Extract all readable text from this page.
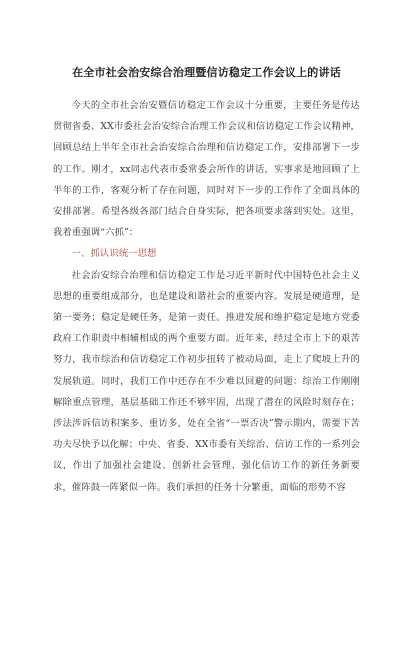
在全市社会治安综合治理暨信访稳定工作会议上的讲话

今天的全市社会治安暨信访稳定工作会议十分重要，主要任务是传达贯彻省委、XX市委社会治安综合治理工作会议和信访稳定工作会议精神，回顾总结上半年全市社会治安综合治理和信访稳定工作，安排部署下一步的工作。刚才，xx同志代表市委常委会所作的讲话，实事求是地回顾了上半年的工作，客观分析了存在问题，同时对下一步的工作作了全面具体的安排部署。希望各级各部门结合自身实际，把各项要求落到实处。这里，我着重强调“六抓”：

一、抓认识统一思想

社会治安综合治理和信访稳定工作是习近平新时代中国特色社会主义思想的重要组成部分，也是建设和谐社会的重要内容。发展是硬道理，是第一要务；稳定是硬任务，是第一责任。推进发展和维护稳定是地方党委政府工作职责中相辅相成的两个重要方面。近年来，经过全市上下的艰苦努力，我市综治和信访稳定工作初步扭转了被动局面，走上了爬坡上升的发展轨道。同时，我们工作中还存在不少难以回避的问题：综治工作刚刚解除重点管理，基层基础工作还不够牢固，出现了潜在的风险时刻存在；涉法涉诉信访积案多、重访多，处在全省“一票否决”警示期内，需要下苦功夫尽快予以化解；中央、省委、XX市委有关综治、信访工作的一系列会议，作出了加强社会建设、创新社会管理、强化信访工作的新任务新要求，催阵鼓一阵紧似一阵。我们承担的任务十分繁重，面临的形势不容
